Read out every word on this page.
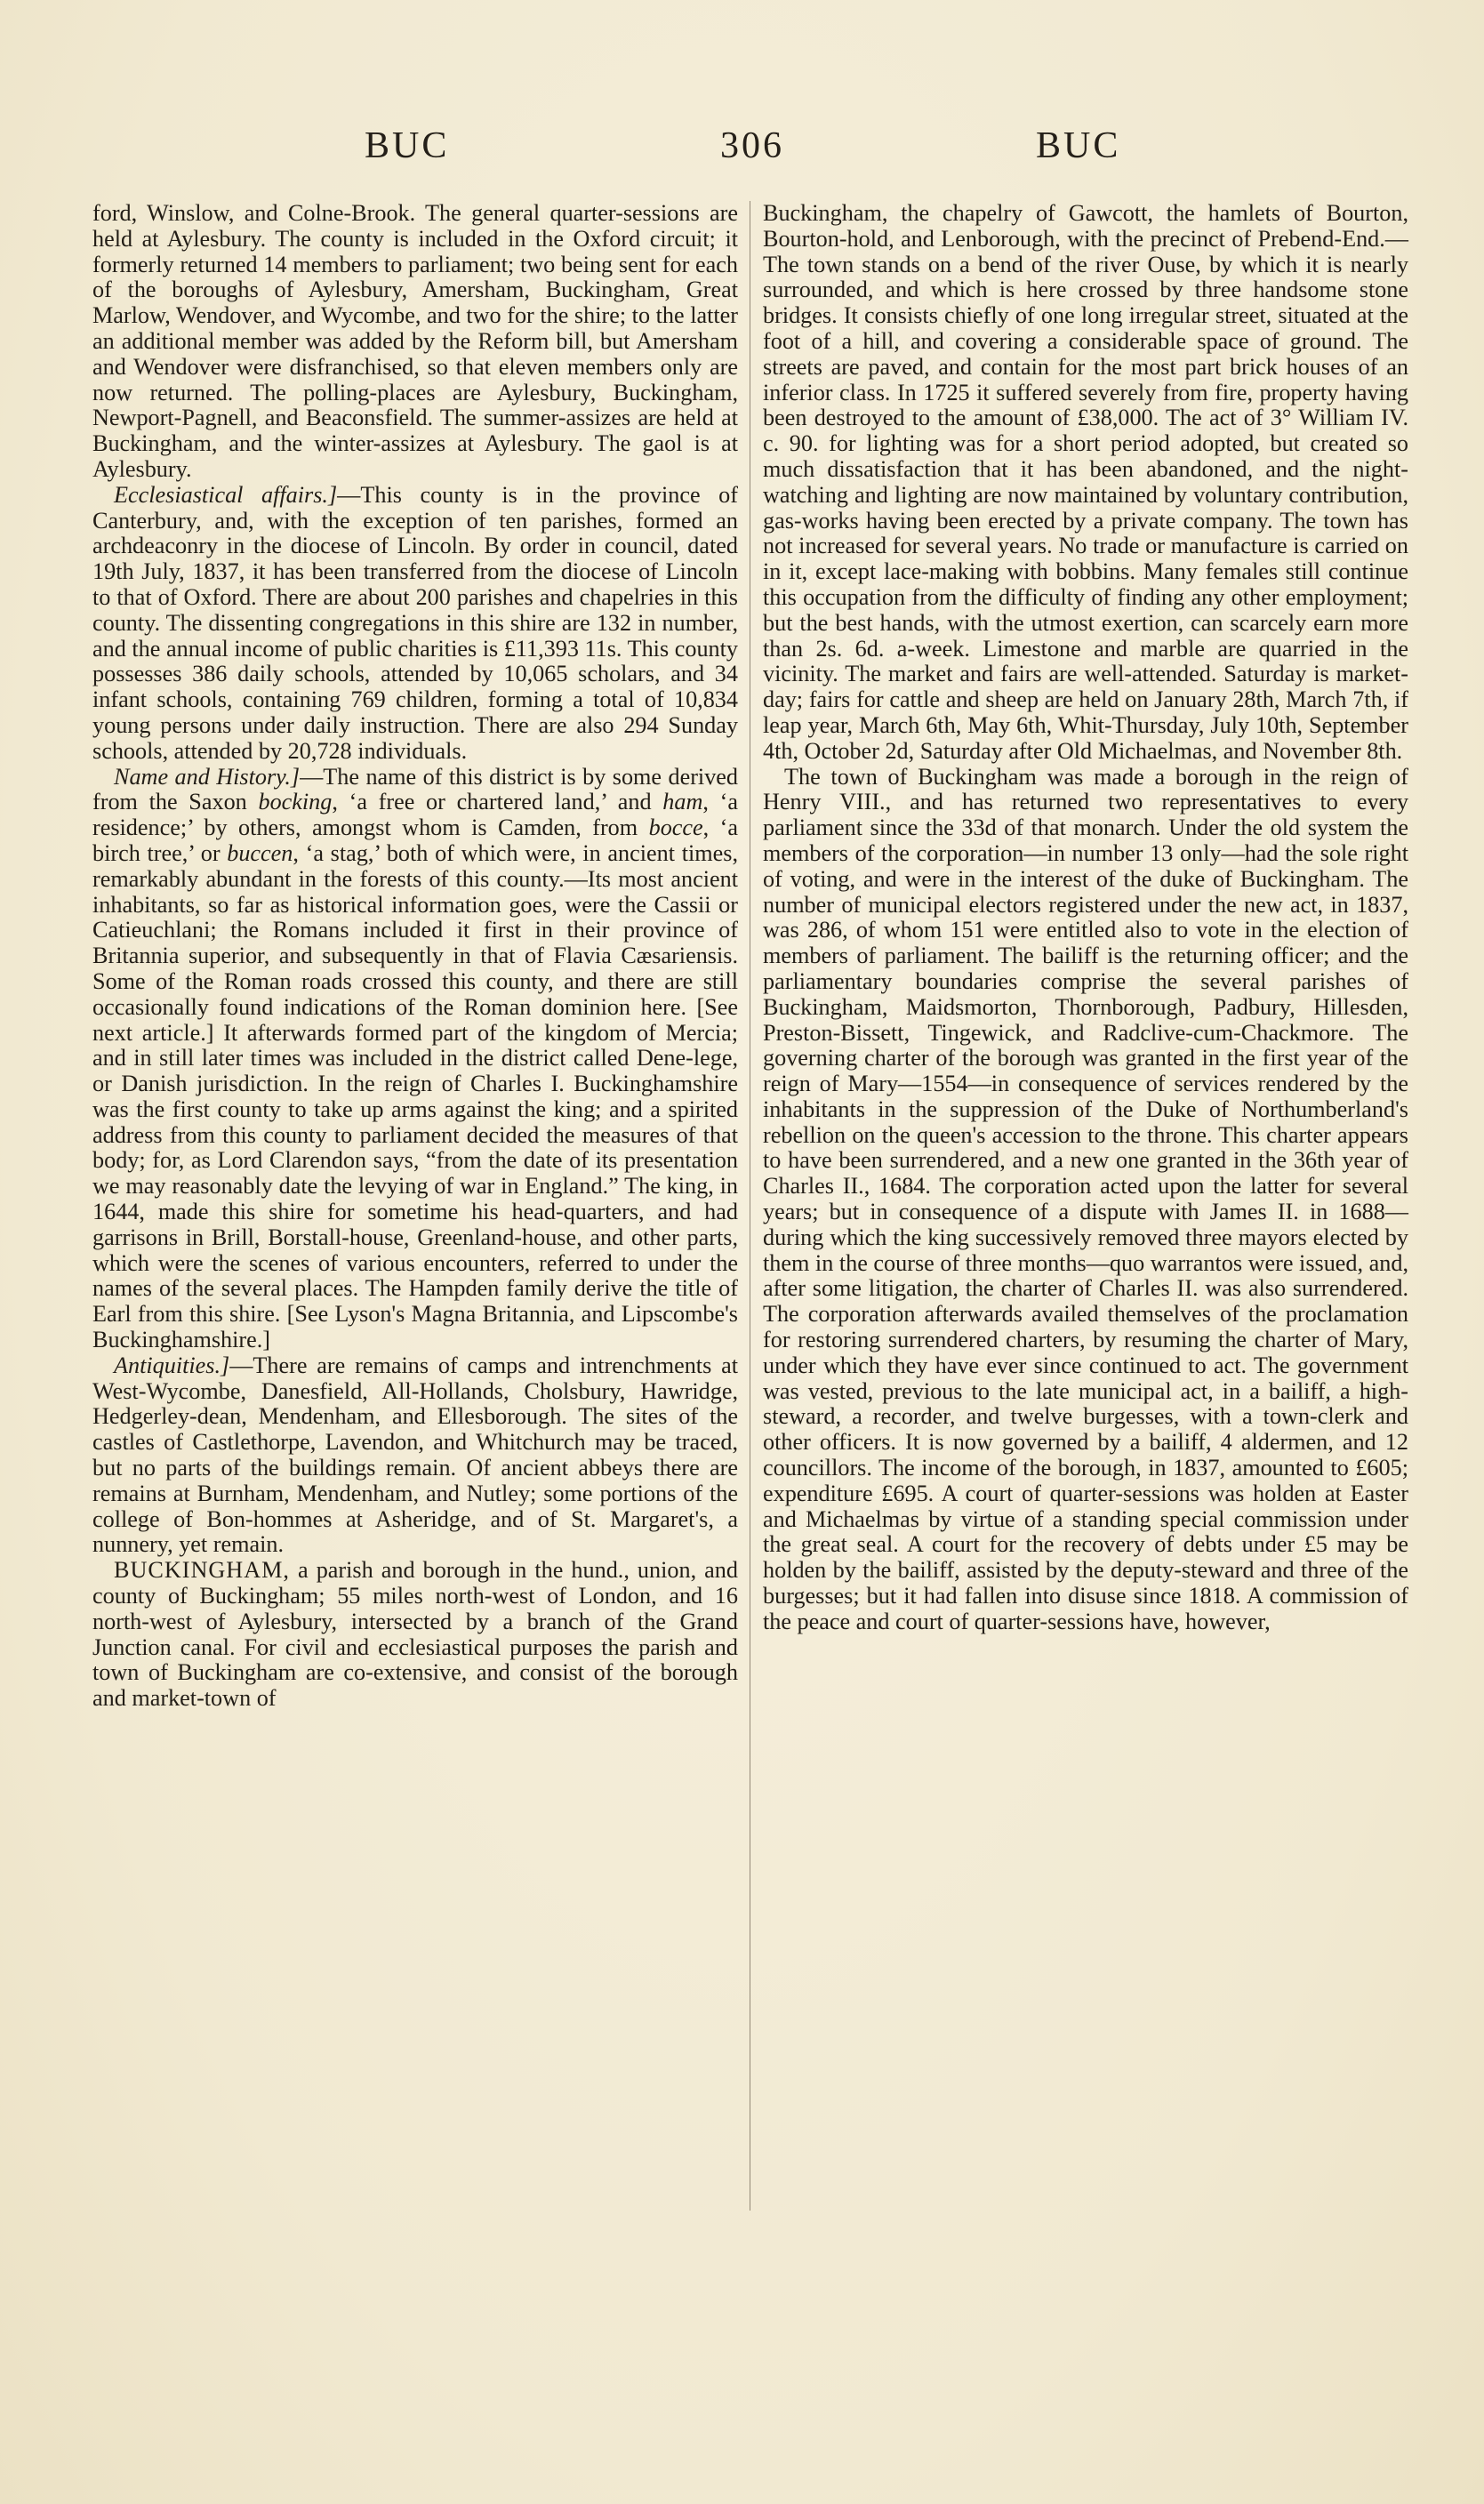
BUC	306	BUC

ford, Winslow, and Colne-Brook. The general quarter-sessions are held at Aylesbury. The county is included in the Oxford circuit; it formerly returned 14 members to parliament; two being sent for each of the boroughs of Aylesbury, Amersham, Buckingham, Great Marlow, Wendover, and Wycombe, and two for the shire; to the latter an additional member was added by the Reform bill, but Amersham and Wendover were disfranchised, so that eleven members only are now returned. The polling-places are Aylesbury, Buckingham, Newport-Pagnell, and Beaconsfield. The summer-assizes are held at Buckingham, and the winter-assizes at Aylesbury. The gaol is at Aylesbury.

Ecclesiastical affairs.]—This county is in the province of Canterbury, and, with the exception of ten parishes, formed an archdeaconry in the diocese of Lincoln. By order in council, dated 19th July, 1837, it has been transferred from the diocese of Lincoln to that of Oxford. There are about 200 parishes and chapelries in this county. The dissenting congregations in this shire are 132 in number, and the annual income of public charities is £11,393 11s. This county possesses 386 daily schools, attended by 10,065 scholars, and 34 infant schools, containing 769 children, forming a total of 10,834 young persons under daily instruction. There are also 294 Sunday schools, attended by 20,728 individuals.

Name and History.]—The name of this district is by some derived from the Saxon bocking, ‘a free or chartered land,’ and ham, ‘a residence;’ by others, amongst whom is Camden, from bocce, ‘a birch tree,’ or buccen, ‘a stag,’ both of which were, in ancient times, remarkably abundant in the forests of this county.—Its most ancient inhabitants, so far as historical information goes, were the Cassii or Catieuchlani; the Romans included it first in their province of Britannia superior, and subsequently in that of Flavia Cæsariensis. Some of the Roman roads crossed this county, and there are still occasionally found indications of the Roman dominion here. [See next article.] It afterwards formed part of the kingdom of Mercia; and in still later times was included in the district called Dene-lege, or Danish jurisdiction. In the reign of Charles I. Buckinghamshire was the first county to take up arms against the king; and a spirited address from this county to parliament decided the measures of that body; for, as Lord Clarendon says, “from the date of its presentation we may reasonably date the levying of war in England.” The king, in 1644, made this shire for sometime his head-quarters, and had garrisons in Brill, Borstall-house, Greenland-house, and other parts, which were the scenes of various encounters, referred to under the names of the several places. The Hampden family derive the title of Earl from this shire. [See Lyson's Magna Britannia, and Lipscombe's Buckinghamshire.]

Antiquities.]—There are remains of camps and intrenchments at West-Wycombe, Danesfield, All-Hollands, Cholsbury, Hawridge, Hedgerley-dean, Mendenham, and Ellesborough. The sites of the castles of Castlethorpe, Lavendon, and Whitchurch may be traced, but no parts of the buildings remain. Of ancient abbeys there are remains at Burnham, Mendenham, and Nutley; some portions of the college of Bon-hommes at Asheridge, and of St. Margaret's, a nunnery, yet remain.

BUCKINGHAM, a parish and borough in the hund., union, and county of Buckingham; 55 miles north-west of London, and 16 north-west of Aylesbury, intersected by a branch of the Grand Junction canal. For civil and ecclesiastical purposes the parish and town of Buckingham are co-extensive, and consist of the borough and market-town of

Buckingham, the chapelry of Gawcott, the hamlets of Bourton, Bourton-hold, and Lenborough, with the precinct of Prebend-End.—The town stands on a bend of the river Ouse, by which it is nearly surrounded, and which is here crossed by three handsome stone bridges. It consists chiefly of one long irregular street, situated at the foot of a hill, and covering a considerable space of ground. The streets are paved, and contain for the most part brick houses of an inferior class. In 1725 it suffered severely from fire, property having been destroyed to the amount of £38,000. The act of 3° William IV. c. 90. for lighting was for a short period adopted, but created so much dissatisfaction that it has been abandoned, and the night-watching and lighting are now maintained by voluntary contribution, gas-works having been erected by a private company. The town has not increased for several years. No trade or manufacture is carried on in it, except lace-making with bobbins. Many females still continue this occupation from the difficulty of finding any other employment; but the best hands, with the utmost exertion, can scarcely earn more than 2s. 6d. a-week. Limestone and marble are quarried in the vicinity. The market and fairs are well-attended. Saturday is market-day; fairs for cattle and sheep are held on January 28th, March 7th, if leap year, March 6th, May 6th, Whit-Thursday, July 10th, September 4th, October 2d, Saturday after Old Michaelmas, and November 8th.

The town of Buckingham was made a borough in the reign of Henry VIII., and has returned two representatives to every parliament since the 33d of that monarch. Under the old system the members of the corporation—in number 13 only—had the sole right of voting, and were in the interest of the duke of Buckingham. The number of municipal electors registered under the new act, in 1837, was 286, of whom 151 were entitled also to vote in the election of members of parliament. The bailiff is the returning officer; and the parliamentary boundaries comprise the several parishes of Buckingham, Maidsmorton, Thornborough, Padbury, Hillesden, Preston-Bissett, Tingewick, and Radclive-cum-Chackmore. The governing charter of the borough was granted in the first year of the reign of Mary—1554—in consequence of services rendered by the inhabitants in the suppression of the Duke of Northumberland's rebellion on the queen's accession to the throne. This charter appears to have been surrendered, and a new one granted in the 36th year of Charles II., 1684. The corporation acted upon the latter for several years; but in consequence of a dispute with James II. in 1688—during which the king successively removed three mayors elected by them in the course of three months—quo warrantos were issued, and, after some litigation, the charter of Charles II. was also surrendered. The corporation afterwards availed themselves of the proclamation for restoring surrendered charters, by resuming the charter of Mary, under which they have ever since continued to act. The government was vested, previous to the late municipal act, in a bailiff, a high-steward, a recorder, and twelve burgesses, with a town-clerk and other officers. It is now governed by a bailiff, 4 aldermen, and 12 councillors. The income of the borough, in 1837, amounted to £605; expenditure £695. A court of quarter-sessions was holden at Easter and Michaelmas by virtue of a standing special commission under the great seal. A court for the recovery of debts under £5 may be holden by the bailiff, assisted by the deputy-steward and three of the burgesses; but it had fallen into disuse since 1818. A commission of the peace and court of quarter-sessions have, however,
